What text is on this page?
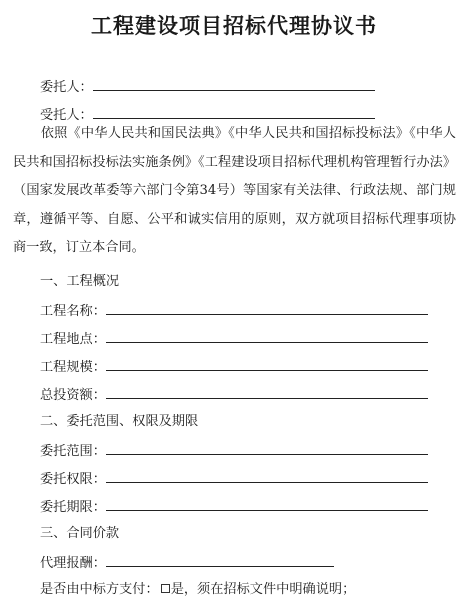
工程建设项目招标代理协议书
委托人：
受托人：
依照《中华人民共和国民法典》《中华人民共和国招标投标法》《中华人民共和国招标投标法实施条例》《工程建设项目招标代理机构管理暂行办法》（国家发展改革委等六部门令第34号）等国家有关法律、行政法规、部门规章，遵循平等、自愿、公平和诚实信用的原则，双方就项目招标代理事项协商一致，订立本合同。
一、工程概况
工程名称：
工程地点：
工程规模：
总投资额：
二、委托范围、权限及期限
委托范围：
委托权限：
委托期限：
三、合同价款
代理报酬：
是否由中标方支付： 是，须在招标文件中明确说明；
